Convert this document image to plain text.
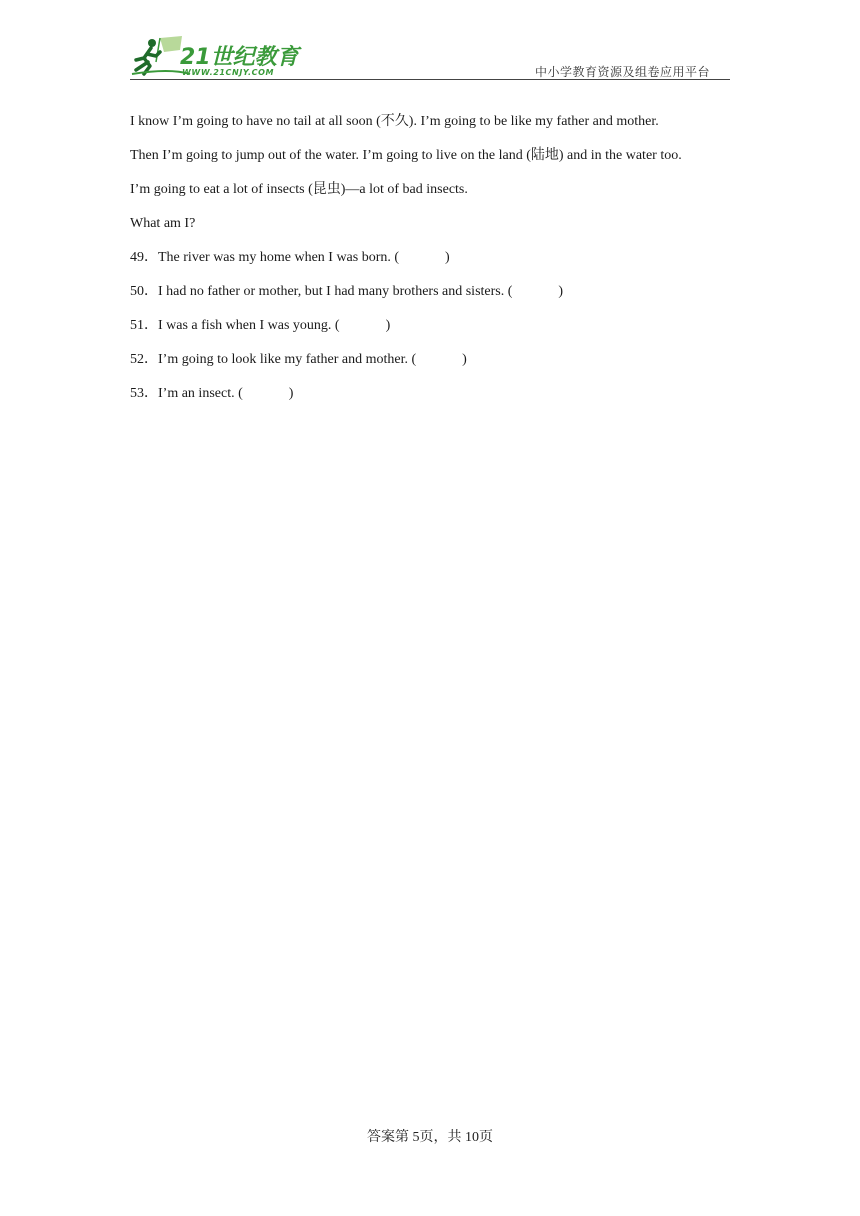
21世纪教育
WWW.21CNJY.COM	中小学教育资源及组卷应用平台
I know I’m going to have no tail at all soon (不久). I’m going to be like my father and mother.
Then I’m going to jump out of the water. I’m going to live on the land (陆地) and in the water too.
I’m going to eat a lot of insects (昆虫)—a lot of bad insects.
What am I?
49．The river was my home when I was born. (	)
50．I had no father or mother, but I had many brothers and sisters. (	)
51．I was a fish when I was young. (	)
52．I’m going to look like my father and mother. (	)
53．I’m an insect. (	)
答案第 5页，共 10页
